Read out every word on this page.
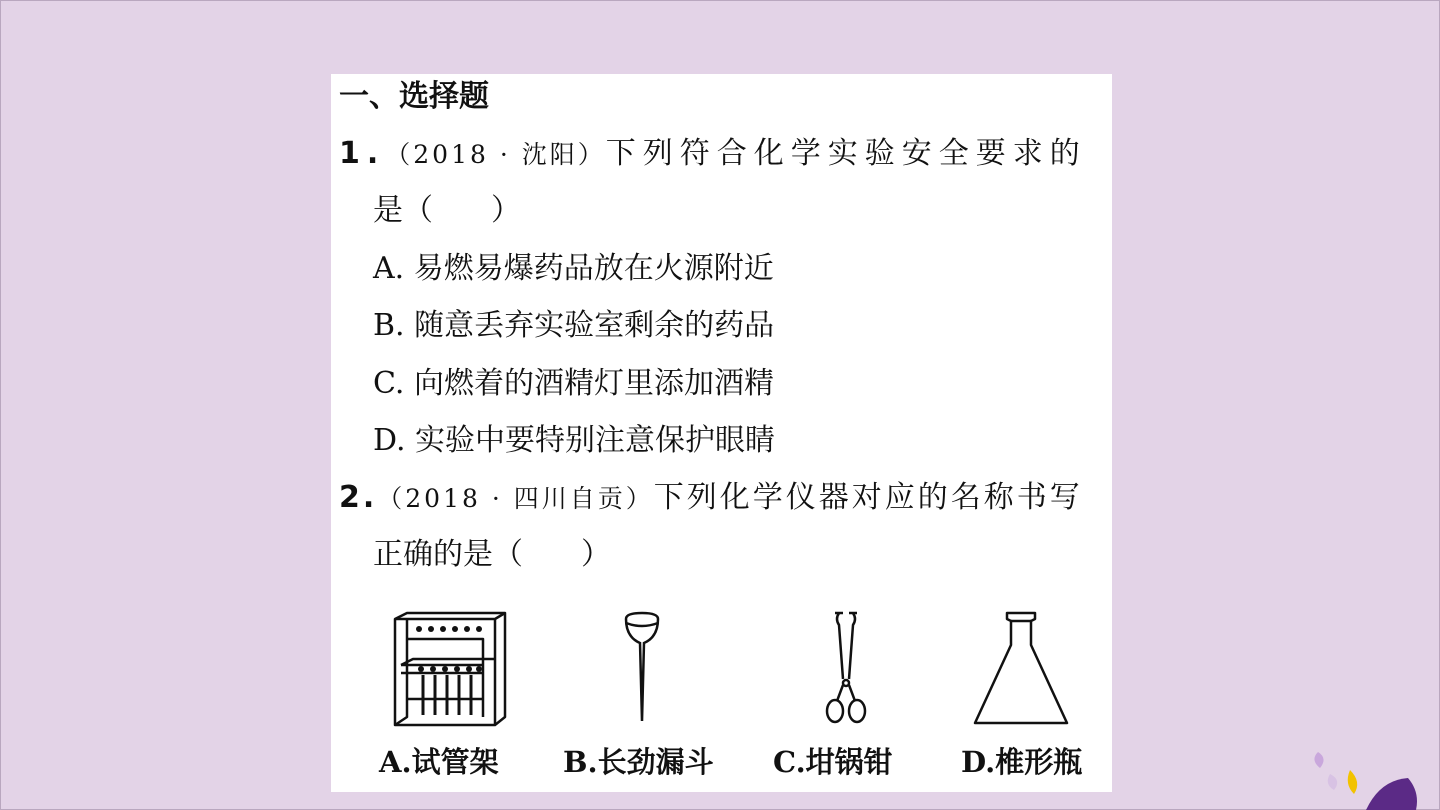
一、选择题
1.（2018 · 沈阳）下列符合化学实验安全要求的
是（ ）
A. 易燃易爆药品放在火源附近
B. 随意丢弃实验室剩余的药品
C. 向燃着的酒精灯里添加酒精
D. 实验中要特别注意保护眼睛
2.（2018 · 四川自贡）下列化学仪器对应的名称书写
正确的是（ ）
A.试管架 B.长劲漏斗 C.坩锅钳 D.椎形瓶
